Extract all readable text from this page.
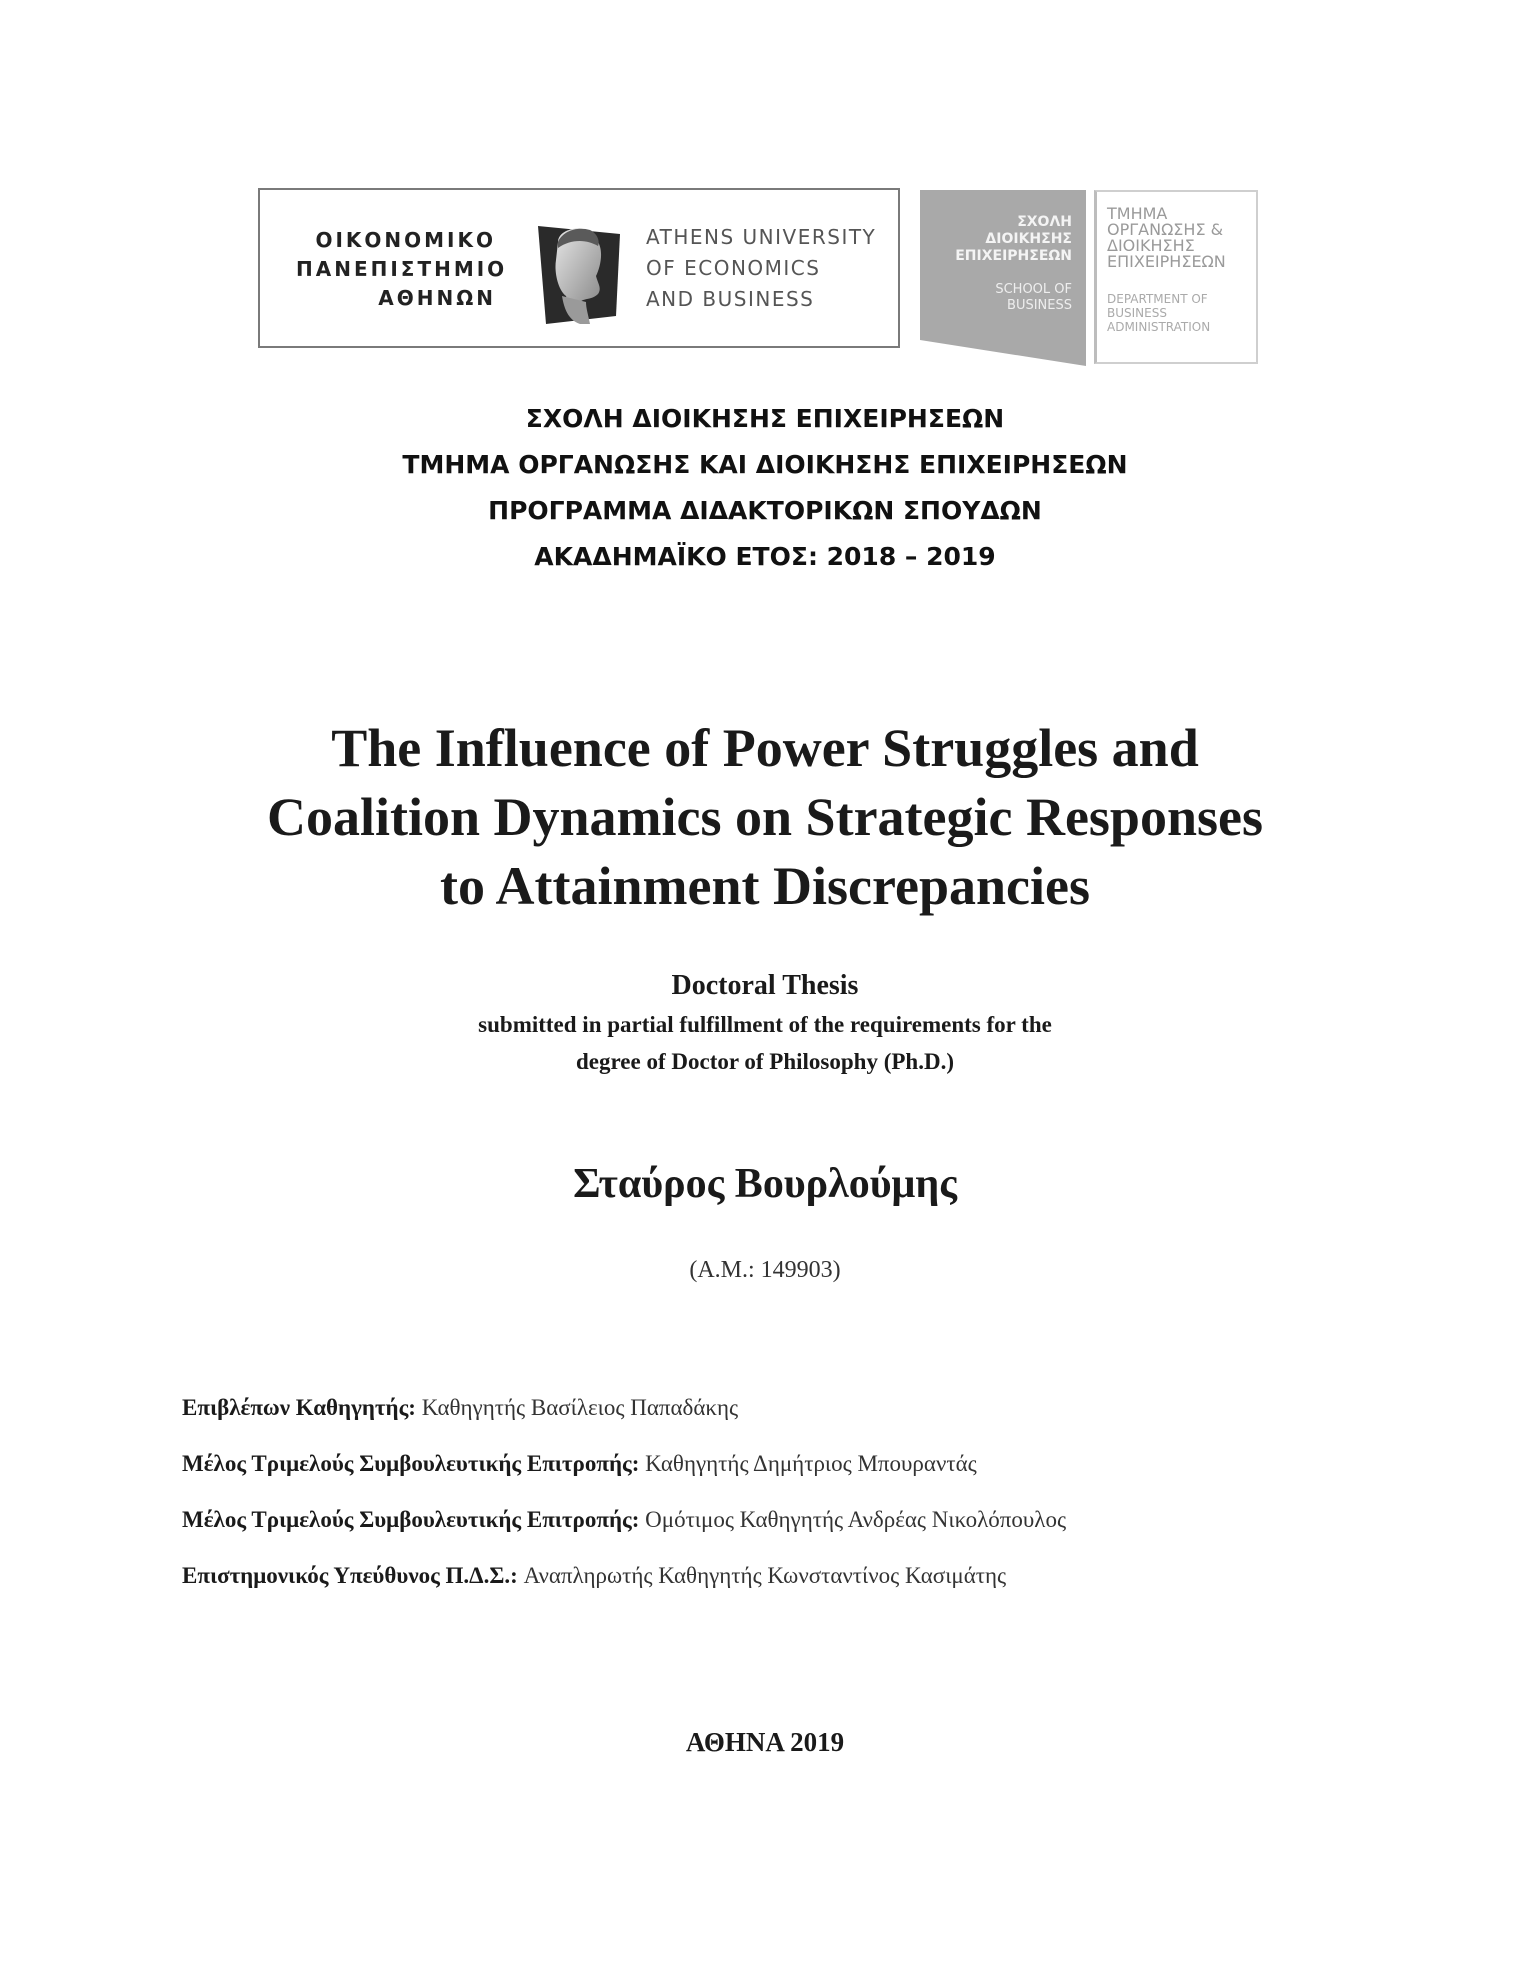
ΟΙΚΟΝΟΜΙΚΟ
ΠΑΝΕΠΙΣΤΗΜΙΟ
ΑΘΗΝΩΝ
ATHENS UNIVERSITY
OF ECONOMICS
AND BUSINESS
ΣΧΟΛΗ
ΔΙΟΙΚΗΣΗΣ
ΕΠΙΧΕΙΡΗΣΕΩΝ
SCHOOL OF
BUSINESS
ΤΜΗΜΑ
ΟΡΓΑΝΩΣΗΣ &
ΔΙΟΙΚΗΣΗΣ
ΕΠΙΧΕΙΡΗΣΕΩΝ
DEPARTMENT OF
BUSINESS
ADMINISTRATION
ΣΧΟΛΗ ΔΙΟΙΚΗΣΗΣ ΕΠΙΧΕΙΡΗΣΕΩΝ
ΤΜΗΜΑ ΟΡΓΑΝΩΣΗΣ ΚΑΙ ΔΙΟΙΚΗΣΗΣ ΕΠΙΧΕΙΡΗΣΕΩΝ
ΠΡΟΓΡΑΜΜΑ ΔΙΔΑΚΤΟΡΙΚΩΝ ΣΠΟΥΔΩΝ
ΑΚΑΔΗΜΑΪΚΟ ΕΤΟΣ: 2018 – 2019
The Influence of Power Struggles and
Coalition Dynamics on Strategic Responses
to Attainment Discrepancies
Doctoral Thesis
submitted in partial fulfillment of the requirements for the
degree of Doctor of Philosophy (Ph.D.)
Σταύρος Βουρλούμης
(A.M.: 149903)
Επιβλέπων Καθηγητής: Καθηγητής Βασίλειος Παπαδάκης
Μέλος Τριμελούς Συμβουλευτικής Επιτροπής: Καθηγητής Δημήτριος Μπουραντάς
Μέλος Τριμελούς Συμβουλευτικής Επιτροπής: Ομότιμος Καθηγητής Ανδρέας Νικολόπουλος
Επιστημονικός Υπεύθυνος Π.Δ.Σ.: Αναπληρωτής Καθηγητής Κωνσταντίνος Κασιμάτης
ΑΘΗΝΑ 2019
